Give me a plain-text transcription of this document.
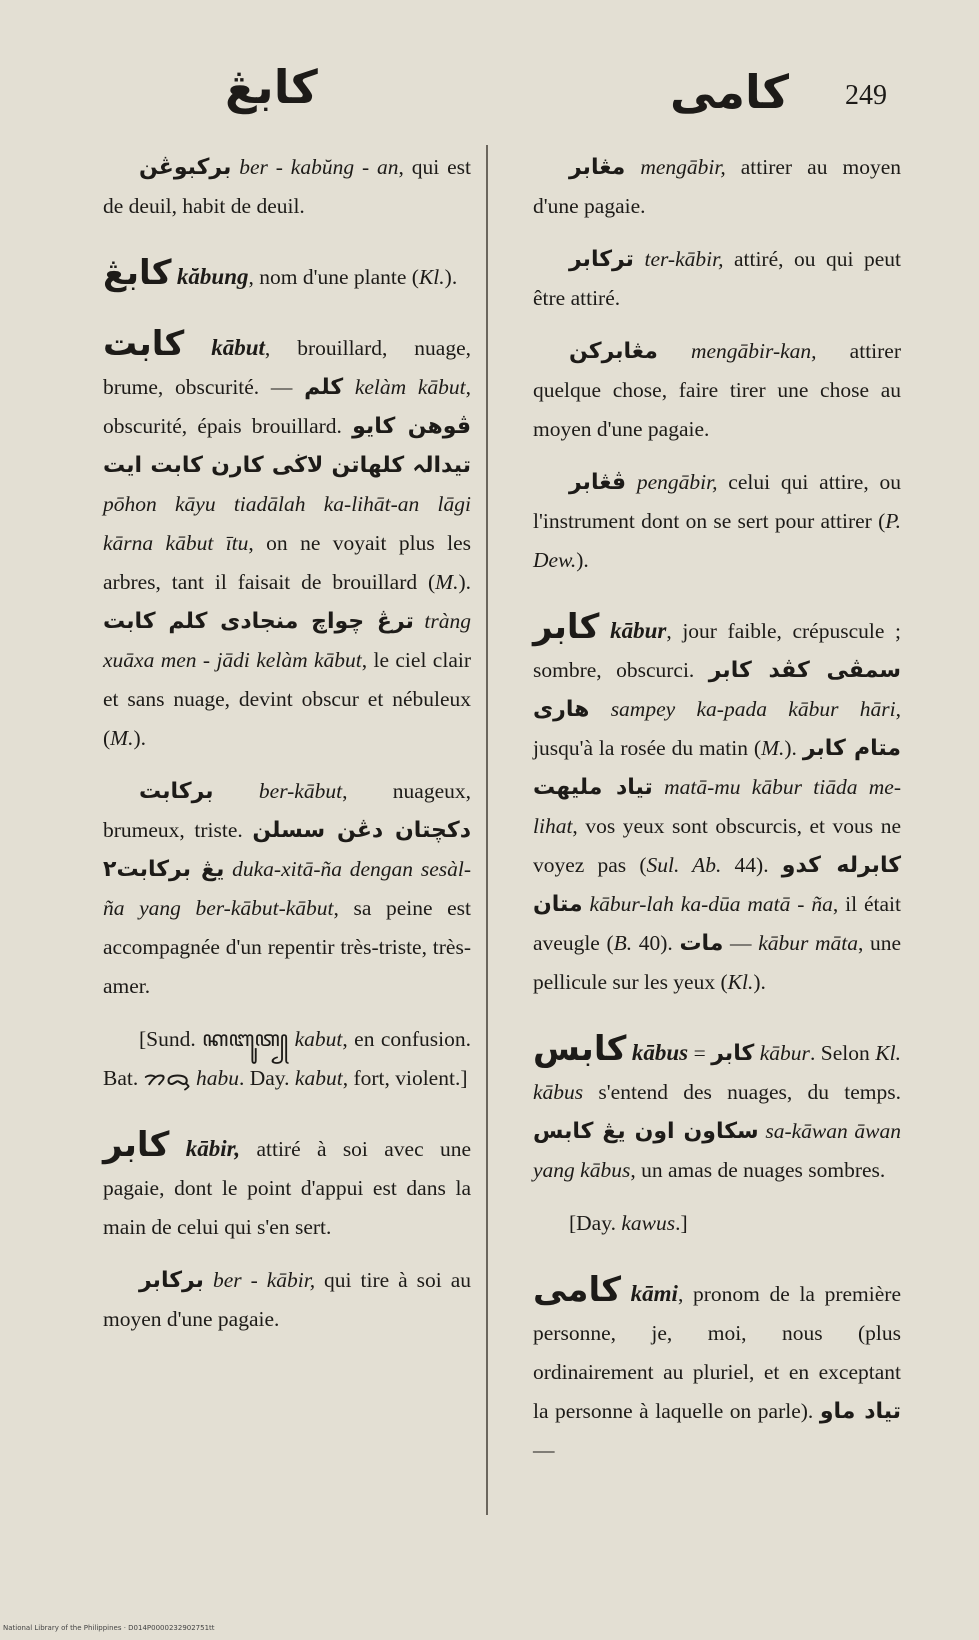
كابڠ	كامى 249

بركبوڠن ber - kabŭng - an, qui est de deuil, habit de deuil.

كابڠ kăbung, nom d'une plante (Kl.).

كابت kābut, brouillard, nuage, brume, obscurité. — كلم kelàm kābut, obscurité, épais brouillard. ڤوهن كايو تيدالہ كلهاتن لاڬى كارن كابت ايت pōhon kāyu tiadālah ka-lihāt-an lāgi kārna kābut ītu, on ne voyait plus les arbres, tant il faisait de brouillard (M.). ترڠ چواچ منجادى كلم كابت tràng xuāxa men - jādi kelàm kābut, le ciel clair et sans nuage, devint obscur et nébuleux (M.).

بركابت ber-kābut, nuageux, brumeux, triste. دكچتان دڠن سسلن يڠ بركابت٢ duka-xitā-ña dengan sesàl-ña yang ber-kābut-kābut, sa peine est accompagnée d'un repentir très-triste, très-amer.

[Sund. ꦏꦧꦸꦠ꧀ kabut, en confusion. Bat. ᯂᯅᯮ habu. Day. kabut, fort, violent.]

كابر kābir, attiré à soi avec une pagaie, dont le point d'appui est dans la main de celui qui s'en sert.

بركابر ber - kābir, qui tire à soi au moyen d'une pagaie.

مڠابر mengābir, attirer au moyen d'une pagaie.

تركابر ter-kābir, attiré, ou qui peut être attiré.

مڠابركن mengābir-kan, attirer quelque chose, faire tirer une chose au moyen d'une pagaie.

ڤڠابر pengābir, celui qui attire, ou l'instrument dont on se sert pour attirer (P. Dew.).

كابر kābur, jour faible, crépuscule ; sombre, obscurci. سمڤى كڤد كابر هارى sampey ka-pada kābur hāri, jusqu'à la rosée du matin (M.). متام كابر تياد مليهت matā-mu kābur tiāda me-lihat, vos yeux sont obscurcis, et vous ne voyez pas (Sul. Ab. 44). كابرله كدو متان kābur-lah ka-dūa matā - ña, il était aveugle (B. 40). مات — kābur māta, une pellicule sur les yeux (Kl.).

كابس kābus = كابر kābur. Selon Kl. kābus s'entend des nuages, du temps. سكاون اون يڠ كابس sa-kāwan āwan yang kābus, un amas de nuages sombres.

[Day. kawus.]

كامى kāmi, pronom de la première personne, je, moi, nous (plus ordinairement au pluriel, et en exceptant la personne à laquelle on parle). تياد ماو —

National Library of the Philippines · D014P0000232902751tt
